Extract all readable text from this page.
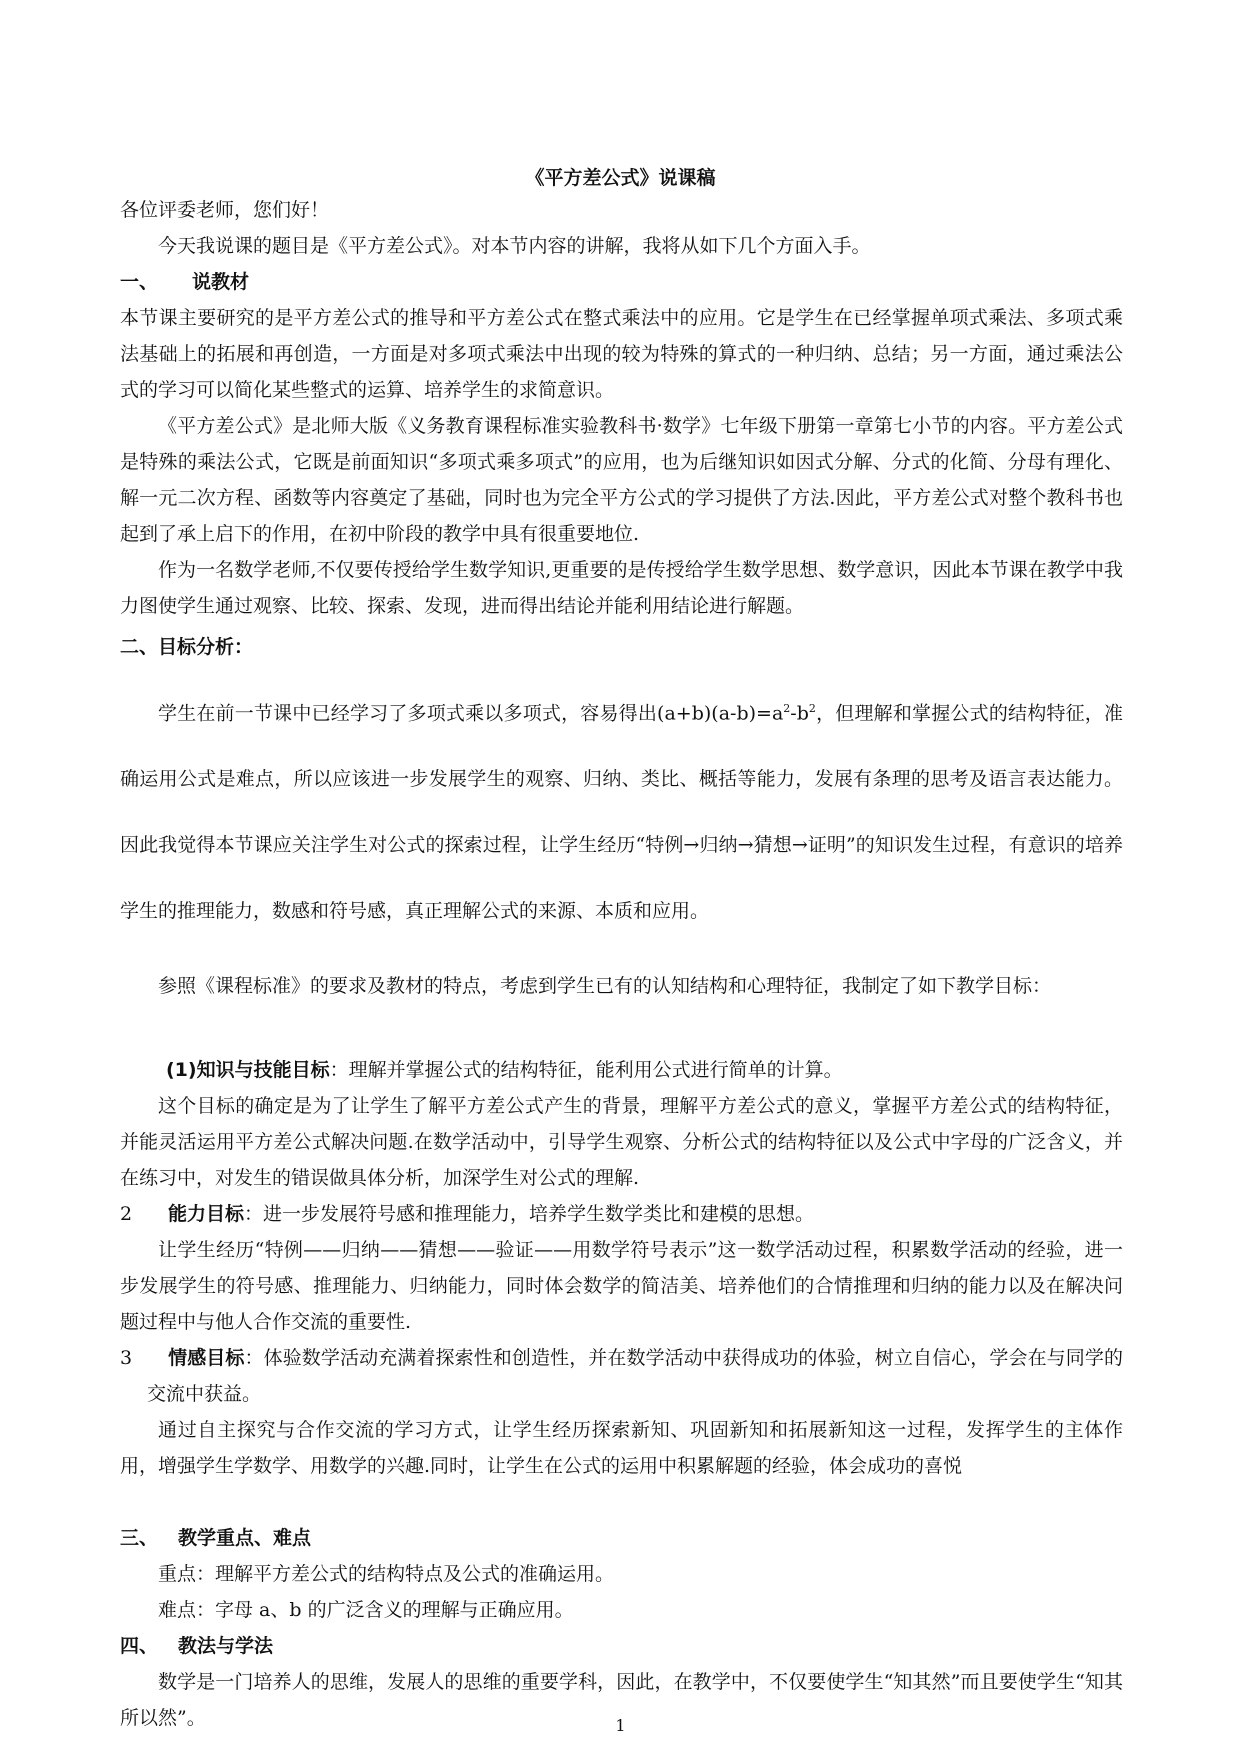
《平方差公式》说课稿

各位评委老师，您们好！

今天我说课的题目是《平方差公式》。对本节内容的讲解，我将从如下几个方面入手。

一、 说教材

本节课主要研究的是平方差公式的推导和平方差公式在整式乘法中的应用。它是学生在已经掌握单项式乘法、多项式乘法基础上的拓展和再创造，一方面是对多项式乘法中出现的较为特殊的算式的一种归纳、总结；另一方面，通过乘法公式的学习可以简化某些整式的运算、培养学生的求简意识。

《平方差公式》是北师大版《义务教育课程标准实验教科书·数学》七年级下册第一章第七小节的内容。平方差公式是特殊的乘法公式，它既是前面知识“多项式乘多项式”的应用，也为后继知识如因式分解、分式的化简、分母有理化、解一元二次方程、函数等内容奠定了基础，同时也为完全平方公式的学习提供了方法.因此，平方差公式对整个教科书也起到了承上启下的作用，在初中阶段的教学中具有很重要地位.

作为一名数学老师,不仅要传授给学生数学知识,更重要的是传授给学生数学思想、数学意识，因此本节课在教学中我力图使学生通过观察、比较、探索、发现，进而得出结论并能利用结论进行解题。

二、目标分析：

学生在前一节课中已经学习了多项式乘以多项式，容易得出$(a+b)(a-b)=a^2-b^2$，但理解和掌握公式的结构特征，准确运用公式是难点，所以应该进一步发展学生的观察、归纳、类比、概括等能力，发展有条理的思考及语言表达能力。因此我觉得本节课应关注学生对公式的探索过程，让学生经历“特例→归纳→猜想→证明”的知识发生过程，有意识的培养学生的推理能力，数感和符号感，真正理解公式的来源、本质和应用。

参照《课程标准》的要求及教材的特点，考虑到学生已有的认知结构和心理特征，我制定了如下教学目标：

(1)知识与技能目标：理解并掌握公式的结构特征，能利用公式进行简单的计算。

这个目标的确定是为了让学生了解平方差公式产生的背景，理解平方差公式的意义，掌握平方差公式的结构特征，并能灵活运用平方差公式解决问题.在数学活动中，引导学生观察、分析公式的结构特征以及公式中字母的广泛含义，并在练习中，对发生的错误做具体分析，加深学生对公式的理解.

2 能力目标：进一步发展符号感和推理能力，培养学生数学类比和建模的思想。

让学生经历“特例——归纳——猜想——验证——用数学符号表示”这一数学活动过程，积累数学活动的经验，进一步发展学生的符号感、推理能力、归纳能力，同时体会数学的简洁美、培养他们的合情推理和归纳的能力以及在解决问题过程中与他人合作交流的重要性.

3 情感目标：体验数学活动充满着探索性和创造性，并在数学活动中获得成功的体验，树立自信心，学会在与同学的交流中获益。

通过自主探究与合作交流的学习方式，让学生经历探索新知、巩固新知和拓展新知这一过程，发挥学生的主体作用，增强学生学数学、用数学的兴趣.同时，让学生在公式的运用中积累解题的经验，体会成功的喜悦

三、 教学重点、难点

重点：理解平方差公式的结构特点及公式的准确运用。

难点：字母 a、b 的广泛含义的理解与正确应用。

四、 教法与学法

数学是一门培养人的思维，发展人的思维的重要学科，因此，在教学中，不仅要使学生“知其然”而且要使学生“知其所以然”。	1
